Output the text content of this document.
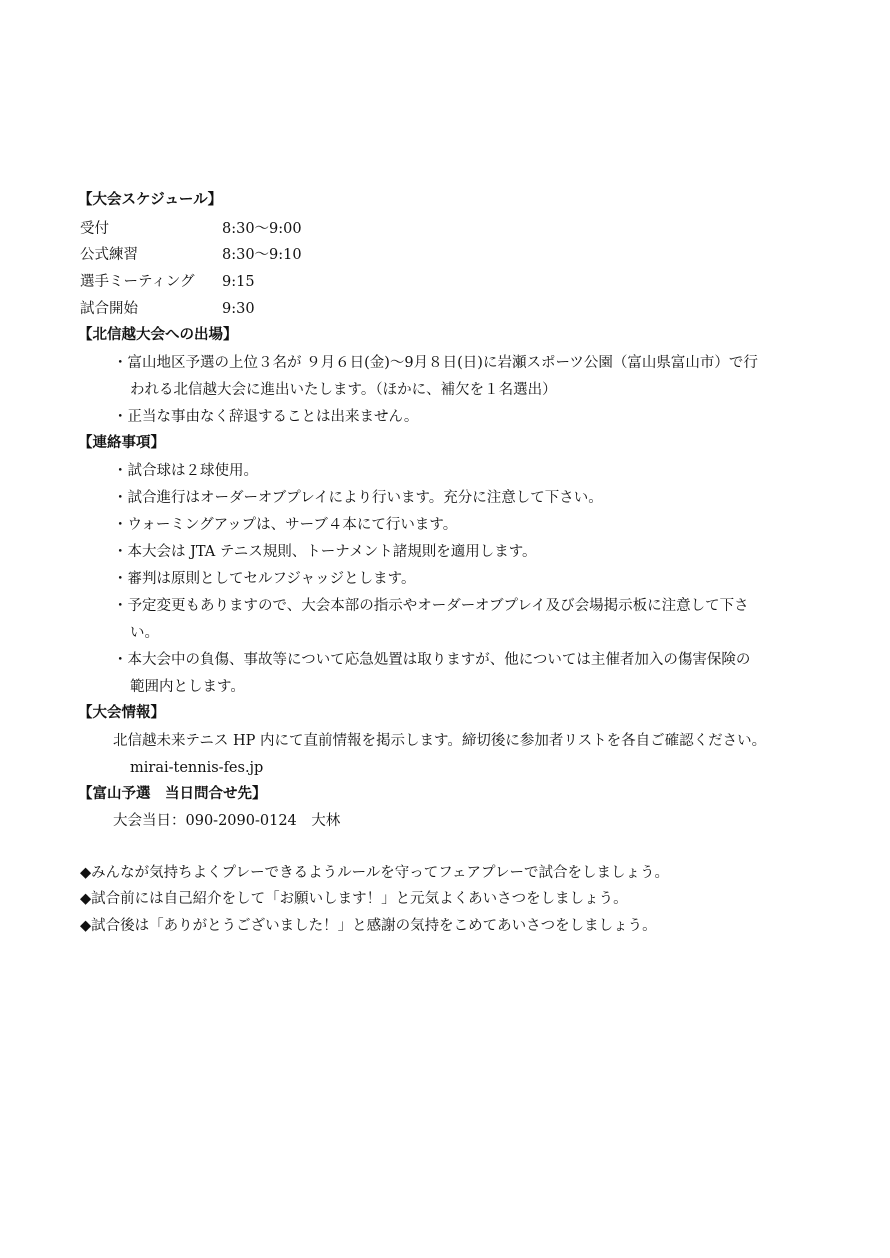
【大会スケジュール】
受付	8:30～9:00
公式練習	8:30～9:10
選手ミーティング 9:15
試合開始	9:30
【北信越大会への出場】
・富山地区予選の上位３名が ９月６日(金)～9月８日(日)に岩瀬スポーツ公園（富山県富山市）で行
われる北信越大会に進出いたします。（ほかに、補欠を１名選出）
・正当な事由なく辞退することは出来ません。
【連絡事項】
・試合球は２球使用。
・試合進行はオーダーオブプレイにより行います。充分に注意して下さい。
・ウォーミングアップは、サーブ４本にて行います。
・本大会は JTA テニス規則、トーナメント諸規則を適用します。
・審判は原則としてセルフジャッジとします。
・予定変更もありますので、大会本部の指示やオーダーオブプレイ及び会場掲示板に注意して下さ
い。
・本大会中の負傷、事故等について応急処置は取りますが、他については主催者加入の傷害保険の
範囲内とします。
【大会情報】
北信越未来テニス HP 内にて直前情報を掲示します。締切後に参加者リストを各自ご確認ください。
mirai-tennis-fes.jp
【富山予選　当日問合せ先】
大会当日：090-2090-0124　大林
◆みんなが気持ちよくプレーできるようルールを守ってフェアプレーで試合をしましょう。
◆試合前には自己紹介をして「お願いします！」と元気よくあいさつをしましょう。
◆試合後は「ありがとうございました！」と感謝の気持をこめてあいさつをしましょう。
